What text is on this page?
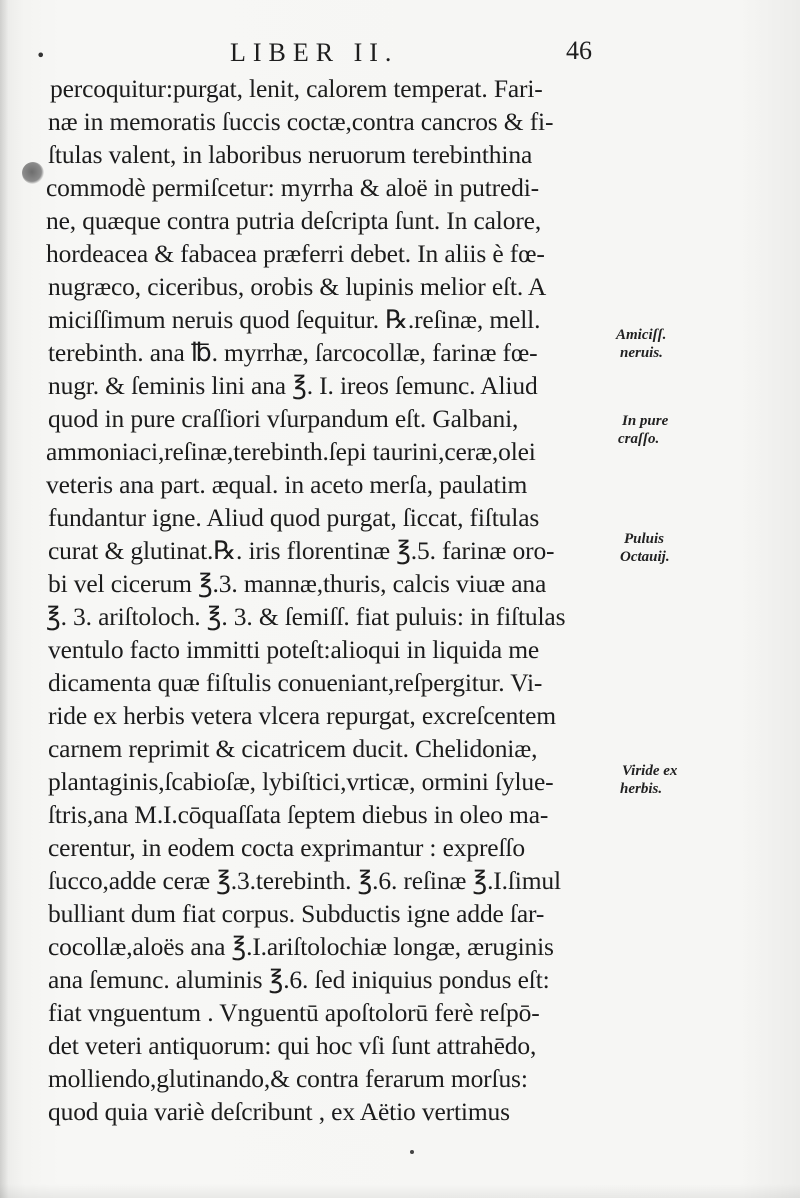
•	LIBER II.	46
percoquitur:purgat, lenit, calorem temperat. Fari-
næ in memoratis ſuccis coctæ,contra cancros & fi-
ſtulas valent, in laboribus neruorum terebinthina
commodè permiſcetur: myrrha & aloë in putredi-
ne, quæque contra putria deſcripta ſunt. In calore,
hordeacea & fabacea præferri debet. In aliis è fœ-
nugræco, ciceribus, orobis & lupinis melior eſt. A
miciſſimum neruis quod ſequitur. ℞.reſinæ, mell.
terebinth. ana ℔. myrrhæ, ſarcocollæ, farinæ fœ-
nugr. & ſeminis lini ana ℥. I. ireos ſemunc. Aliud
quod in pure craſſiori vſurpandum eſt. Galbani,
ammoniaci,reſinæ,terebinth.ſepi taurini,ceræ,olei
veteris ana part. æqual. in aceto merſa, paulatim
fundantur igne. Aliud quod purgat, ſiccat, fiſtulas
curat & glutinat.℞. iris florentinæ ℥.5. farinæ oro-
bi vel cicerum ℥.3. mannæ,thuris, calcis viuæ ana
℥. 3. ariſtoloch. ℥. 3. & ſemiſſ. fiat puluis: in fiſtulas
ventulo facto immitti poteſt:alioqui in liquida me
dicamenta quæ fiſtulis conueniant,reſpergitur. Vi-
ride ex herbis vetera vlcera repurgat, excreſcentem
carnem reprimit & cicatricem ducit. Chelidoniæ,
plantaginis,ſcabioſæ, lybiſtici,vrticæ, ormini ſylue-
ſtris,ana M.I.cōquaſſata ſeptem diebus in oleo ma-
cerentur, in eodem cocta exprimantur : expreſſo
ſucco,adde ceræ ℥.3.terebinth. ℥.6. reſinæ ℥.I.ſimul
bulliant dum fiat corpus. Subductis igne adde ſar-
cocollæ,aloës ana ℥.I.ariſtolochiæ longæ, æruginis
ana ſemunc. aluminis ℥.6. ſed iniquius pondus eſt:
fiat vnguentum . Vnguentū apoſtolorū ferè reſpō-
det veteri antiquorum: qui hoc vſi ſunt attrahēdo,
molliendo,glutinando,& contra ferarum morſus:
quod quia variè deſcribunt , ex Aëtio vertimus
Amiciſſ.
neruis.
In pure
craſſo.
Puluis
Octauij.
Viride ex
herbis.
